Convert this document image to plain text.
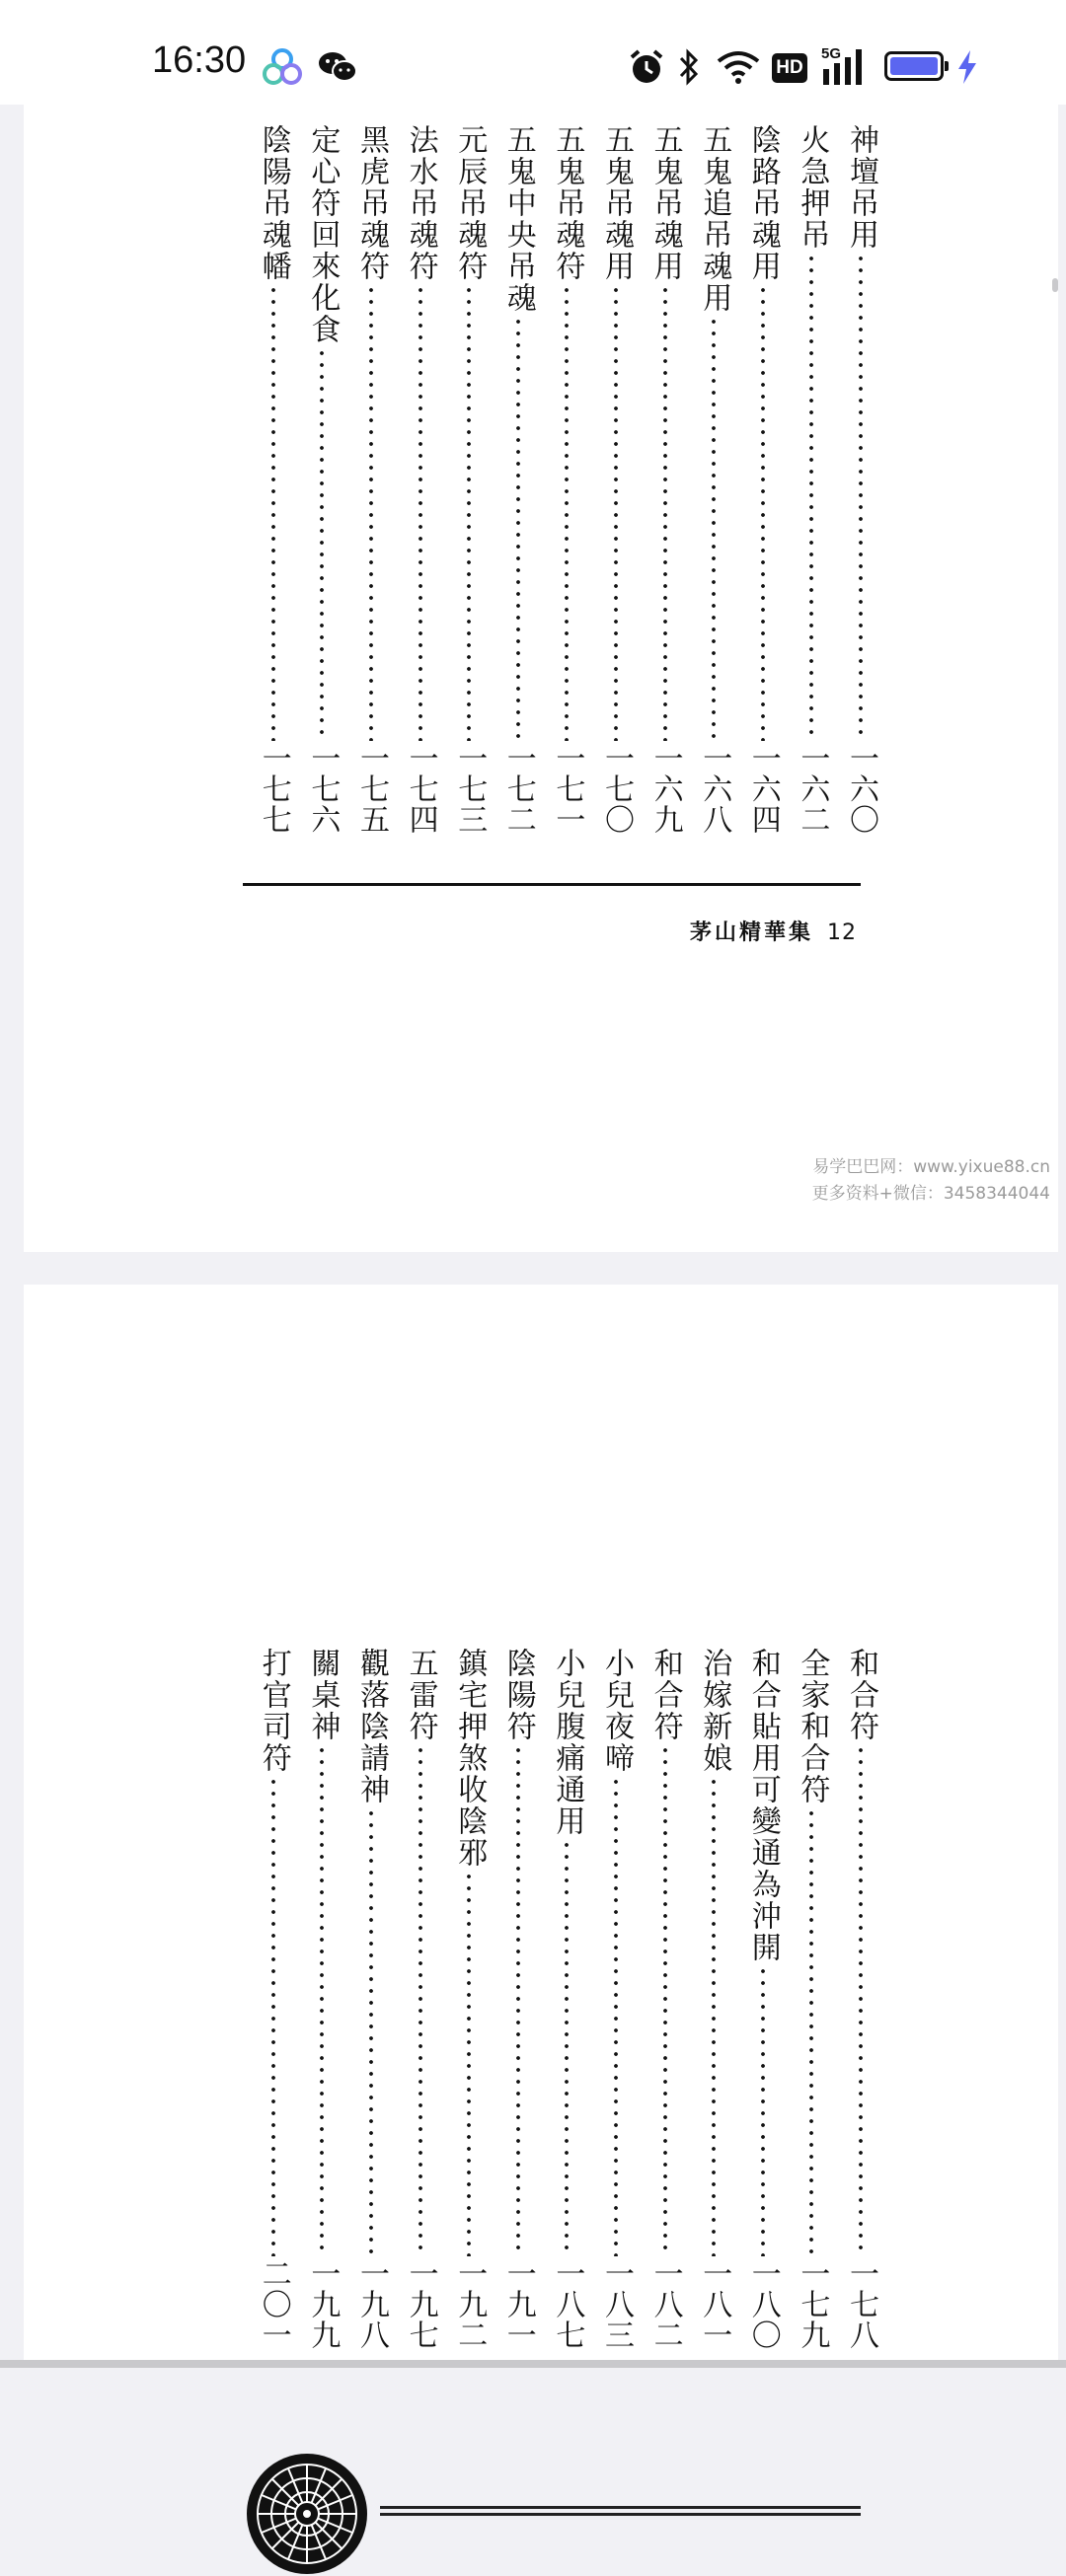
16:30	HD
5G
神壇吊用
一六〇
火急押吊
一六二
陰路吊魂用
一六四
五鬼追吊魂用
一六八
五鬼吊魂用
一六九
五鬼吊魂用
一七〇
五鬼吊魂符
一七一
五鬼中央吊魂
一七二
元辰吊魂符
一七三
法水吊魂符
一七四
黑虎吊魂符
一七五
定心符回來化食
一七六
陰陽吊魂幡
一七七
茅山精華集 12
易学巴巴网：www.yixue88.cn
更多资料+微信：3458344044
和合符
一七八
全家和合符
一七九
和合貼用可變通為沖開
一八〇
治嫁新娘
一八一
和合符
一八二
小兒夜啼
一八三
小兒腹痛通用
一八七
陰陽符
一九一
鎮宅押煞收陰邪
一九二
五雷符
一九七
觀落陰請神
一九八
關桌神
一九九
打官司符
二〇一
